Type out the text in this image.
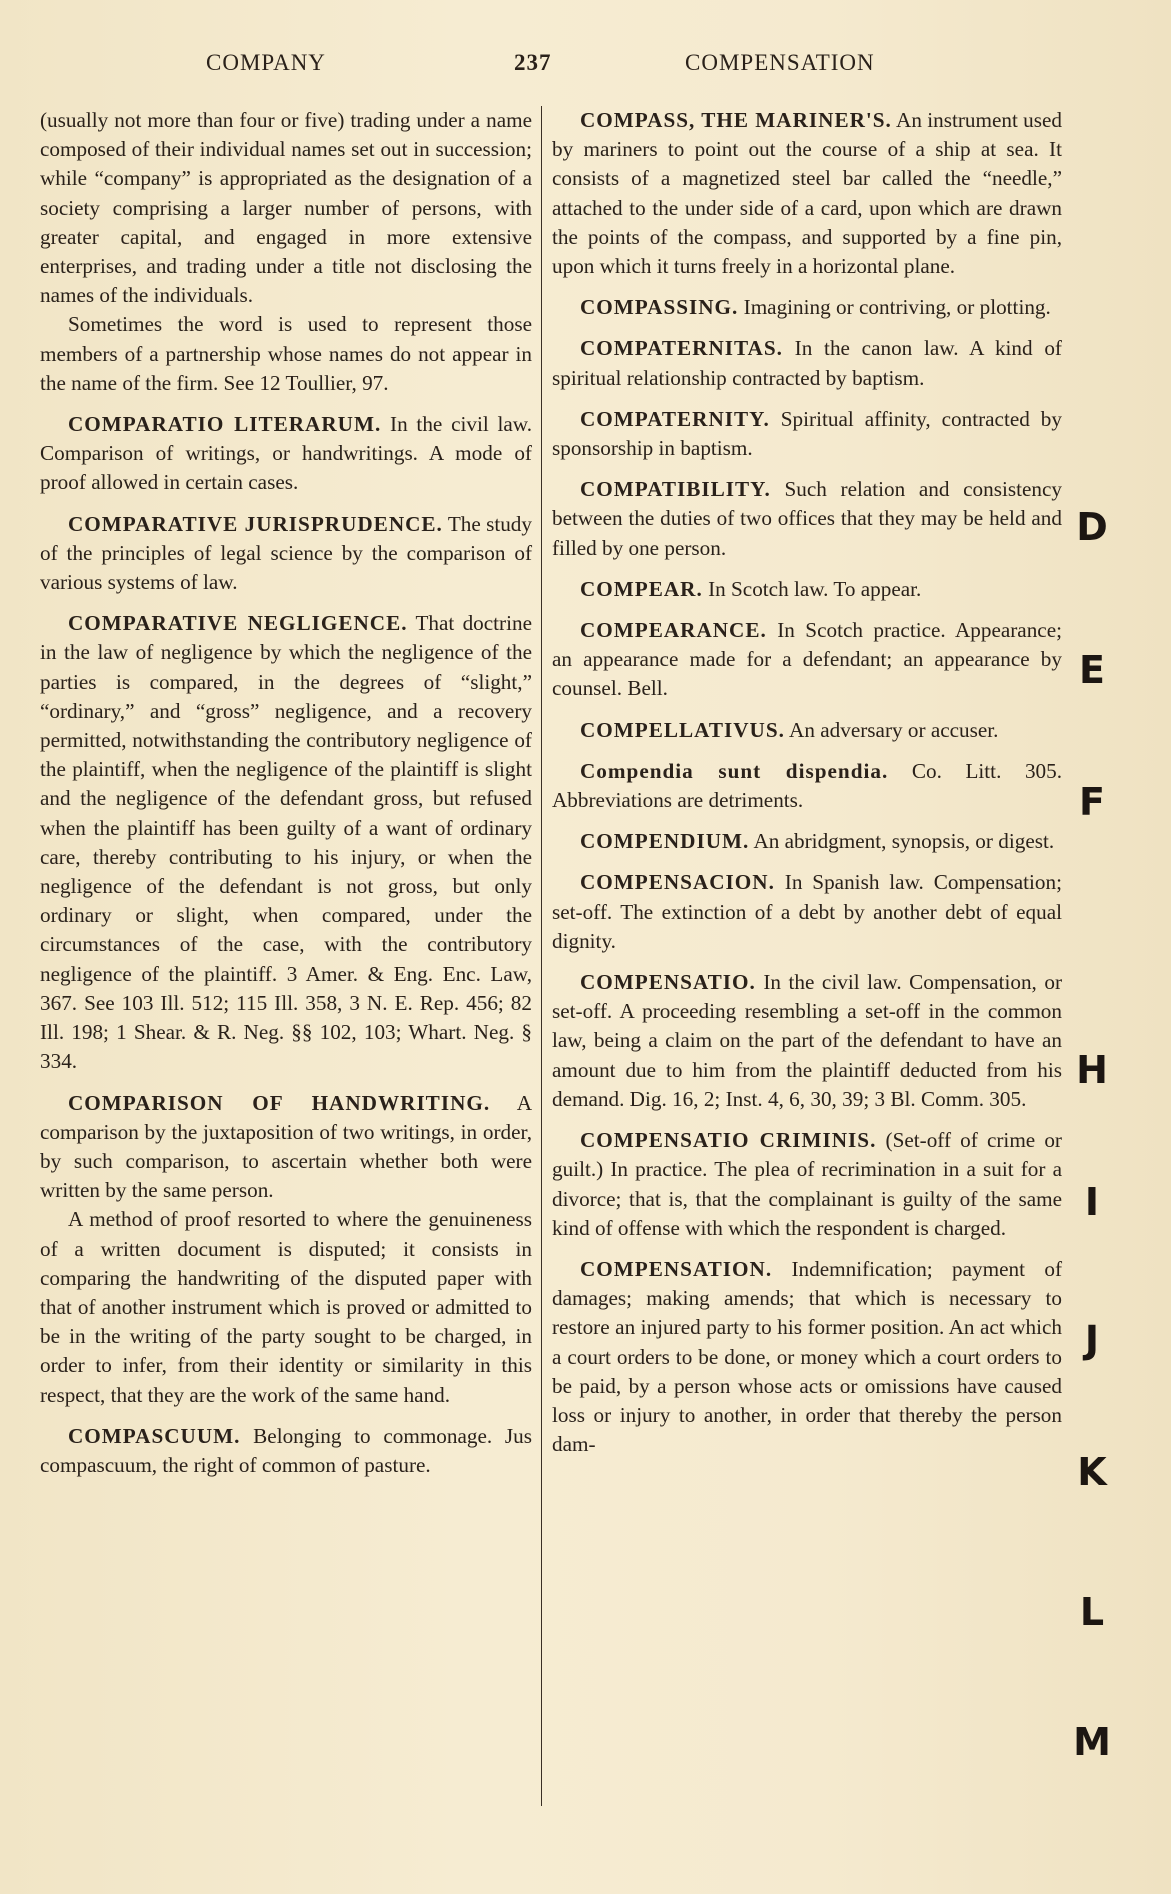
COMPANY	237	COMPENSATION

(usually not more than four or five) trading under a name composed of their individual names set out in succession; while “company” is appropriated as the designation of a society comprising a larger number of persons, with greater capital, and engaged in more extensive enterprises, and trading under a title not disclosing the names of the individuals.

Sometimes the word is used to represent those members of a partnership whose names do not appear in the name of the firm. See 12 Toullier, 97.

COMPARATIO LITERARUM. In the civil law. Comparison of writings, or handwritings. A mode of proof allowed in certain cases.

COMPARATIVE JURISPRUDENCE. The study of the principles of legal science by the comparison of various systems of law.

COMPARATIVE NEGLIGENCE. That doctrine in the law of negligence by which the negligence of the parties is compared, in the degrees of “slight,” “ordinary,” and “gross” negligence, and a recovery permitted, notwithstanding the contributory negligence of the plaintiff, when the negligence of the plaintiff is slight and the negligence of the defendant gross, but refused when the plaintiff has been guilty of a want of ordinary care, thereby contributing to his injury, or when the negligence of the defendant is not gross, but only ordinary or slight, when compared, under the circumstances of the case, with the contributory negligence of the plaintiff. 3 Amer. & Eng. Enc. Law, 367. See 103 Ill. 512; 115 Ill. 358, 3 N. E. Rep. 456; 82 Ill. 198; 1 Shear. & R. Neg. §§ 102, 103; Whart. Neg. § 334.

COMPARISON OF HANDWRITING. A comparison by the juxtaposition of two writings, in order, by such comparison, to ascertain whether both were written by the same person.

A method of proof resorted to where the genuineness of a written document is disputed; it consists in comparing the handwriting of the disputed paper with that of another instrument which is proved or admitted to be in the writing of the party sought to be charged, in order to infer, from their identity or similarity in this respect, that they are the work of the same hand.

COMPASCUUM. Belonging to commonage. Jus compascuum, the right of common of pasture.

COMPASS, THE MARINER'S. An instrument used by mariners to point out the course of a ship at sea. It consists of a magnetized steel bar called the “needle,” attached to the under side of a card, upon which are drawn the points of the compass, and supported by a fine pin, upon which it turns freely in a horizontal plane.

COMPASSING. Imagining or contriving, or plotting.

COMPATERNITAS. In the canon law. A kind of spiritual relationship contracted by baptism.

COMPATERNITY. Spiritual affinity, contracted by sponsorship in baptism.

COMPATIBILITY. Such relation and consistency between the duties of two offices that they may be held and filled by one person.

COMPEAR. In Scotch law. To appear.

COMPEARANCE. In Scotch practice. Appearance; an appearance made for a defendant; an appearance by counsel. Bell.

COMPELLATIVUS. An adversary or accuser.

Compendia sunt dispendia. Co. Litt. 305. Abbreviations are detriments.

COMPENDIUM. An abridgment, synopsis, or digest.

COMPENSACION. In Spanish law. Compensation; set-off. The extinction of a debt by another debt of equal dignity.

COMPENSATIO. In the civil law. Compensation, or set-off. A proceeding resembling a set-off in the common law, being a claim on the part of the defendant to have an amount due to him from the plaintiff deducted from his demand. Dig. 16, 2; Inst. 4, 6, 30, 39; 3 Bl. Comm. 305.

COMPENSATIO CRIMINIS. (Set-off of crime or guilt.) In practice. The plea of recrimination in a suit for a divorce; that is, that the complainant is guilty of the same kind of offense with which the respondent is charged.

COMPENSATION. Indemnification; payment of damages; making amends; that which is necessary to restore an injured party to his former position. An act which a court orders to be done, or money which a court orders to be paid, by a person whose acts or omissions have caused loss or injury to another, in order that thereby the person dam-

D
E
F
H
I
J
K
L
M
